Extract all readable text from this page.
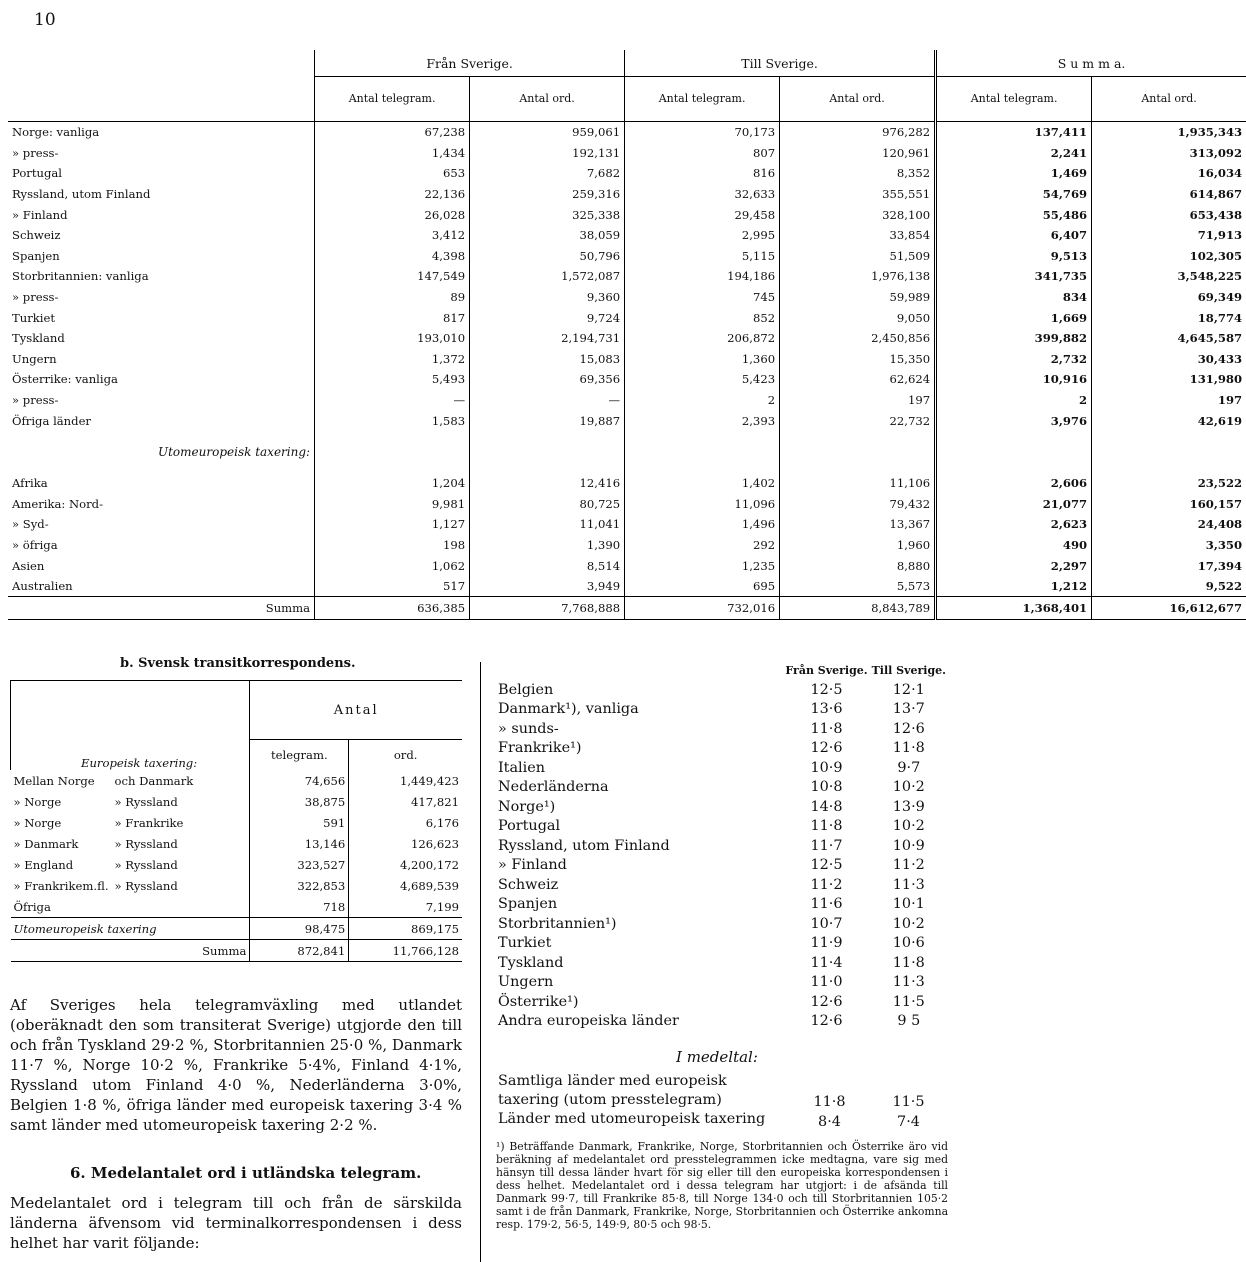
10
	Från Sverige.		Till Sverige.		S u m m a.	
	Antal telegram.	Antal ord.	Antal telegram.	Antal ord.	Antal telegram.	Antal ord.
Norge: vanliga	67,238	959,061	70,173	976,282	137,411	1,935,343
» press-	1,434	192,131	807	120,961	2,241	313,092
Portugal	653	7,682	816	8,352	1,469	16,034
Ryssland, utom Finland	22,136	259,316	32,633	355,551	54,769	614,867
» Finland	26,028	325,338	29,458	328,100	55,486	653,438
Schweiz	3,412	38,059	2,995	33,854	6,407	71,913
Spanjen	4,398	50,796	5,115	51,509	9,513	102,305
Storbritannien: vanliga	147,549	1,572,087	194,186	1,976,138	341,735	3,548,225
» press-	89	9,360	745	59,989	834	69,349
Turkiet	817	9,724	852	9,050	1,669	18,774
Tyskland	193,010	2,194,731	206,872	2,450,856	399,882	4,645,587
Ungern	1,372	15,083	1,360	15,350	2,732	30,433
Österrike: vanliga	5,493	69,356	5,423	62,624	10,916	131,980
» press-	—	—	2	197	2	197
Öfriga länder	1,583	19,887	2,393	22,732	3,976	42,619
Utomeuropeisk taxering:						
Afrika	1,204	12,416	1,402	11,106	2,606	23,522
Amerika: Nord-	9,981	80,725	11,096	79,432	21,077	160,157
» Syd-	1,127	11,041	1,496	13,367	2,623	24,408
» öfriga	198	1,390	292	1,960	490	3,350
Asien	1,062	8,514	1,235	8,880	2,297	17,394
Australien	517	3,949	695	5,573	1,212	9,522
Summa	636,385	7,768,888	732,016	8,843,789	1,368,401	16,612,677
b. Svensk transitkorrespondens.
		Antal	
Europeisk taxering:		telegram.	ord.
Mellan Norge	och Danmark	74,656	1,449,423
» Norge	» Ryssland	38,875	417,821
» Norge	» Frankrike	591	6,176
» Danmark	» Ryssland	13,146	126,623
» England	» Ryssland	323,527	4,200,172
» Frankrikem.fl.	» Ryssland	322,853	4,689,539
Öfriga		718	7,199
Utomeuropeisk taxering		98,475	869,175
Summa		872,841	11,766,128
	Från Sverige.	Till Sverige.
Belgien	12·5	12·1
Danmark¹), vanliga	13·6	13·7
» sunds-	11·8	12·6
Frankrike¹)	12·6	11·8
Italien	10·9	9·7
Nederländerna	10·8	10·2
Norge¹)	14·8	13·9
Portugal	11·8	10·2
Ryssland, utom Finland	11·7	10·9
» Finland	12·5	11·2
Schweiz	11·2	11·3
Spanjen	11·6	10·1
Storbritannien¹)	10·7	10·2
Turkiet	11·9	10·6
Tyskland	11·4	11·8
Ungern	11·0	11·3
Österrike¹)	12·6	11·5
Andra europeiska länder	12·6	9 5
I medeltal:
Samtliga länder med europeisk taxering (utom presstelegram)	11·8	11·5
Länder med utomeuropeisk taxering	8·4	7·4
Af Sveriges hela telegramväxling med utlandet (oberäknadt den som transiterat Sverige) utgjorde den till och från Tyskland 29·2 %, Storbritannien 25·0 %, Danmark 11·7 %, Norge 10·2 %, Frankrike 5·4%, Finland 4·1%, Ryssland utom Finland 4·0 %, Nederländerna 3·0%, Belgien 1·8 %, öfriga länder med europeisk taxering 3·4 % samt länder med utomeuropeisk taxering 2·2 %.
6. Medelantalet ord i utländska telegram.
Medelantalet ord i telegram till och från de särskilda länderna äfvensom vid terminalkorrespondensen i dess helhet har varit följande:
¹) Beträffande Danmark, Frankrike, Norge, Storbritannien och Österrike äro vid beräkning af medelantalet ord presstelegrammen icke medtagna, vare sig med hänsyn till dessa länder hvart för sig eller till den europeiska korrespondensen i dess helhet. Medelantalet ord i dessa telegram har utgjort: i de afsända till Danmark 99·7, till Frankrike 85·8, till Norge 134·0 och till Storbritannien 105·2 samt i de från Danmark, Frankrike, Norge, Storbritannien och Österrike ankomna resp. 179·2, 56·5, 149·9, 80·5 och 98·5.
